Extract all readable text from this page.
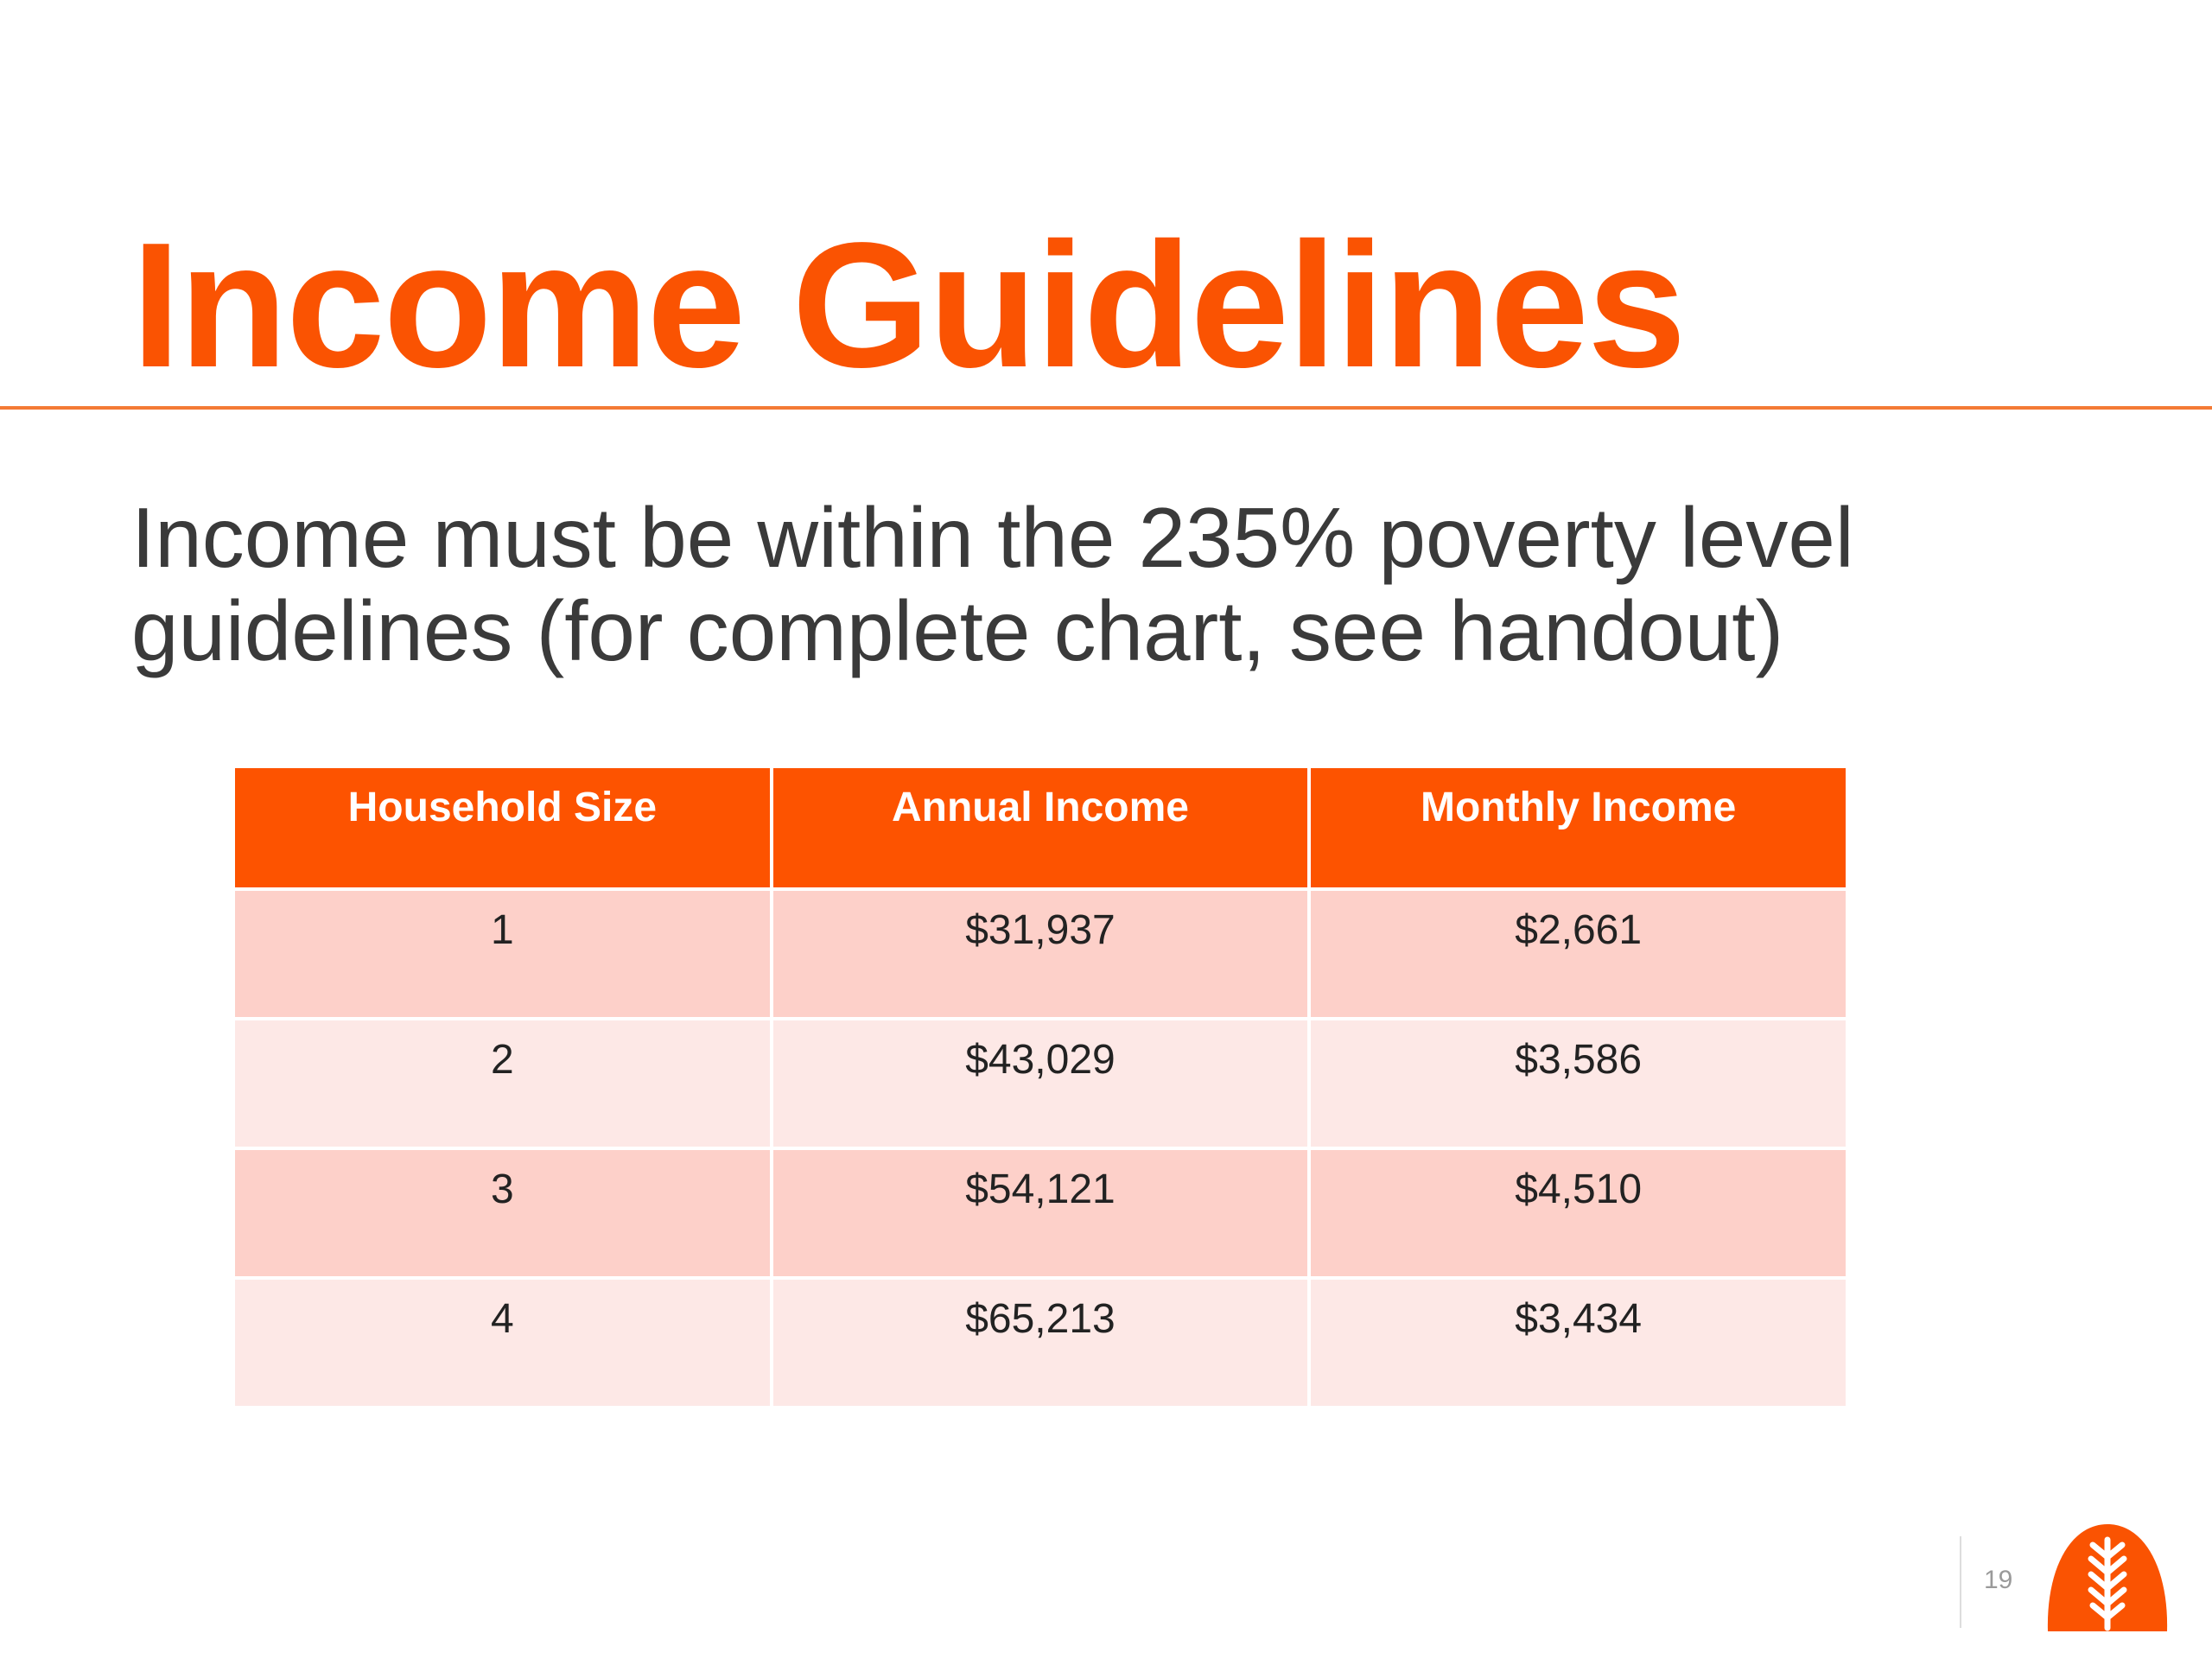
Income Guidelines

Income must be within the 235% poverty level guidelines (for complete chart, see handout)

Household Size	Annual Income	Monthly Income
1	$31,937	$2,661
2	$43,029	$3,586
3	$54,121	$4,510
4	$65,213	$3,434
19
